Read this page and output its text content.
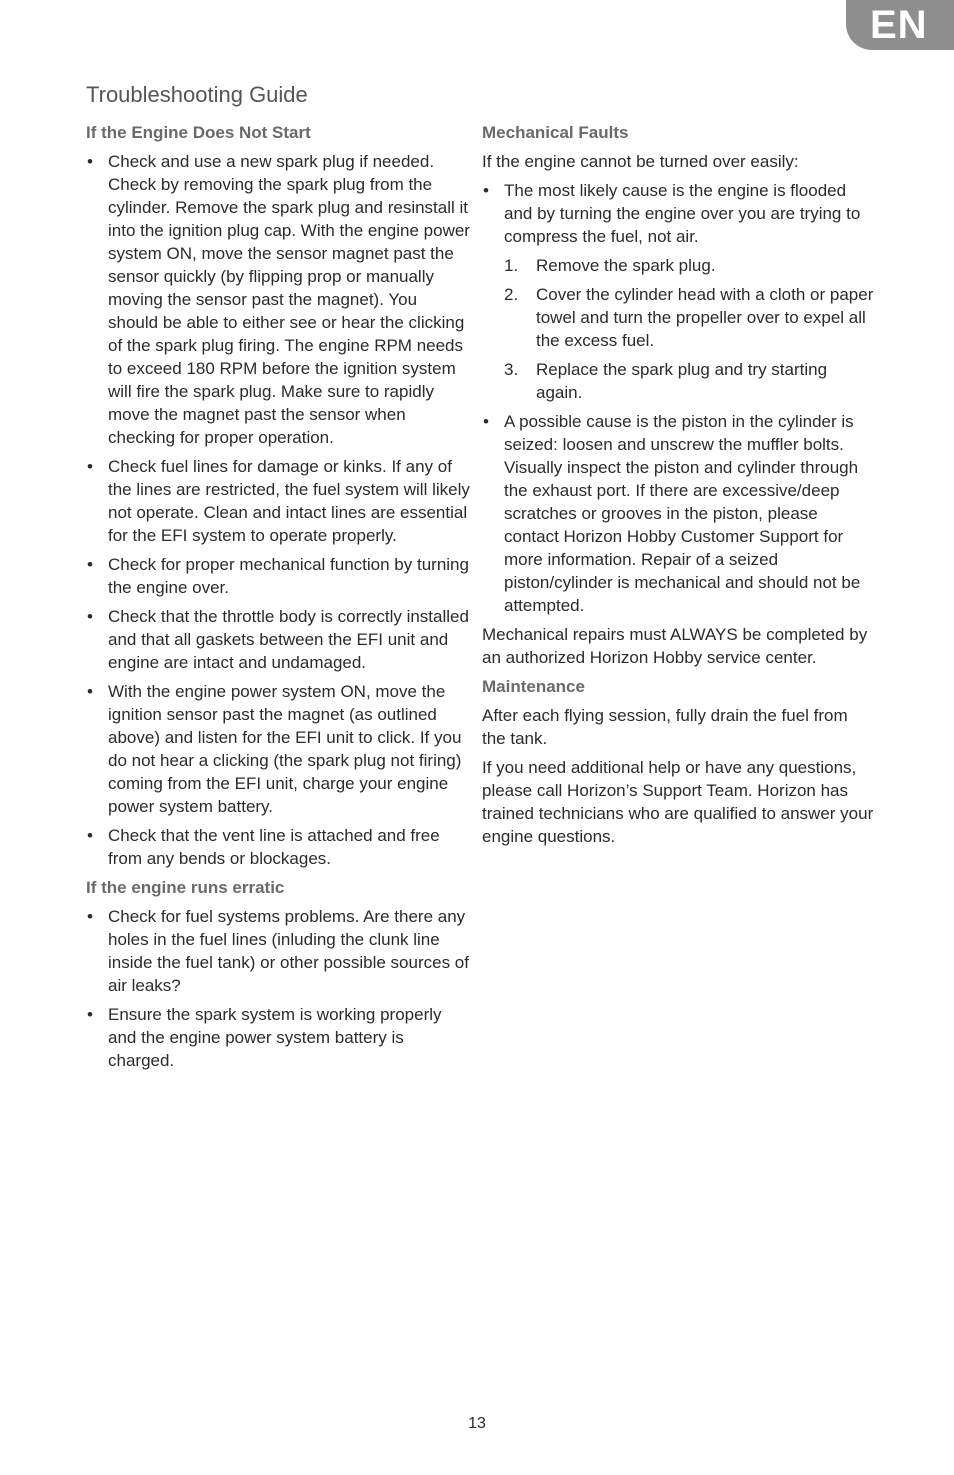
EN
Troubleshooting Guide
If the Engine Does Not Start
• Check and use a new spark plug if needed. Check by removing the spark plug from the cylinder. Remove the spark plug and resinstall it into the ignition plug cap. With the engine power system ON, move the sensor magnet past the sensor quickly (by flipping prop or manually moving the sensor past the magnet). You should be able to either see or hear the clicking of the spark plug firing. The engine RPM needs to exceed 180 RPM before the ignition system will fire the spark plug. Make sure to rapidly move the magnet past the sensor when checking for proper operation.
• Check fuel lines for damage or kinks. If any of the lines are restricted, the fuel system will likely not operate. Clean and intact lines are essential for the EFI system to operate properly.
• Check for proper mechanical function by turning the engine over.
• Check that the throttle body is correctly installed and that all gaskets between the EFI unit and engine are intact and undamaged.
• With the engine power system ON, move the ignition sensor past the magnet (as outlined above) and listen for the EFI unit to click. If you do not hear a clicking (the spark plug not firing) coming from the EFI unit, charge your engine power system battery.
• Check that the vent line is attached and free from any bends or blockages.
If the engine runs erratic
• Check for fuel systems problems. Are there any holes in the fuel lines (inluding the clunk line inside the fuel tank) or other possible sources of air leaks?
• Ensure the spark system is working properly and the engine power system battery is charged.
Mechanical Faults

If the engine cannot be turned over easily:

• The most likely cause is the engine is flooded and by turning the engine over you are trying to compress the fuel, not air.
1. Remove the spark plug.
2. Cover the cylinder head with a cloth or paper towel and turn the propeller over to expel all the excess fuel.
3. Replace the spark plug and try starting again.
• A possible cause is the piston in the cylinder is seized: loosen and unscrew the muffler bolts. Visually inspect the piston and cylinder through the exhaust port. If there are excessive/deep scratches or grooves in the piston, please contact Horizon Hobby Customer Support for more information. Repair of a seized piston/cylinder is mechanical and should not be attempted.

Mechanical repairs must ALWAYS be completed by an authorized Horizon Hobby service center.

Maintenance

After each flying session, fully drain the fuel from the tank.

If you need additional help or have any questions, please call Horizon’s Support Team. Horizon has trained technicians who are qualified to answer your engine questions.

13
